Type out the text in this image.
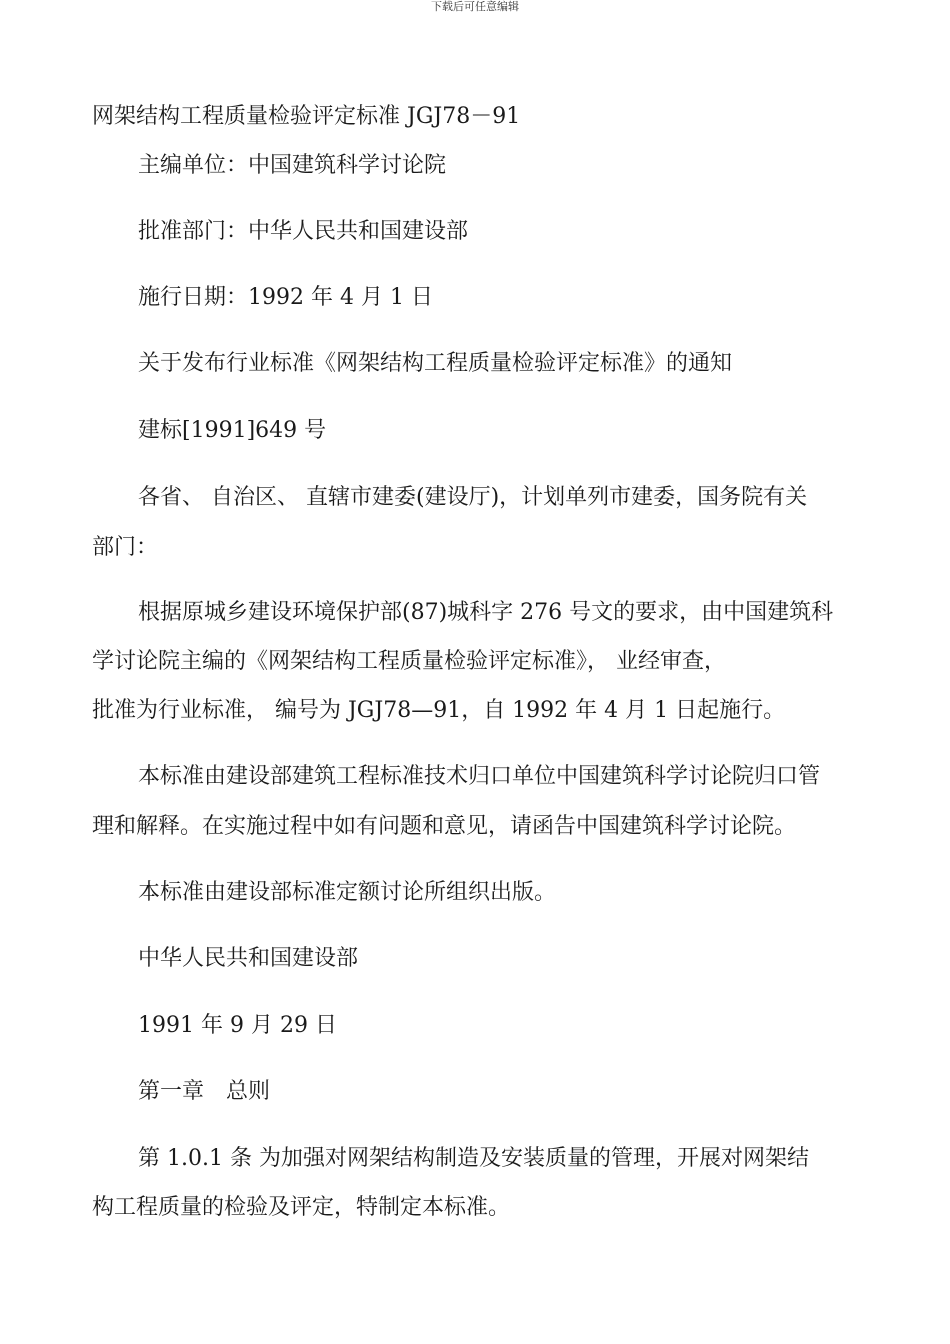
下载后可任意编辑
网架结构工程质量检验评定标准 JGJ78－91
主编单位：中国建筑科学讨论院
批准部门：中华人民共和国建设部
施行日期：1992 年 4 月 1 日
关于发布行业标准《网架结构工程质量检验评定标准》的通知
建标[1991]649 号
各省、 自治区、 直辖市建委(建设厅)，计划单列市建委，国务院有关
部门：
根据原城乡建设环境保护部(87)城科字 276 号文的要求，由中国建筑科
学讨论院主编的《网架结构工程质量检验评定标准》， 业经审查，
批准为行业标准， 编号为 JGJ78—91，自 1992 年 4 月 1 日起施行。
本标准由建设部建筑工程标准技术归口单位中国建筑科学讨论院归口管
理和解释。在实施过程中如有问题和意见，请函告中国建筑科学讨论院。
本标准由建设部标准定额讨论所组织出版。
中华人民共和国建设部
1991 年 9 月 29 日
第一章　总则
第 1.0.1 条 为加强对网架结构制造及安装质量的管理，开展对网架结
构工程质量的检验及评定，特制定本标准。
